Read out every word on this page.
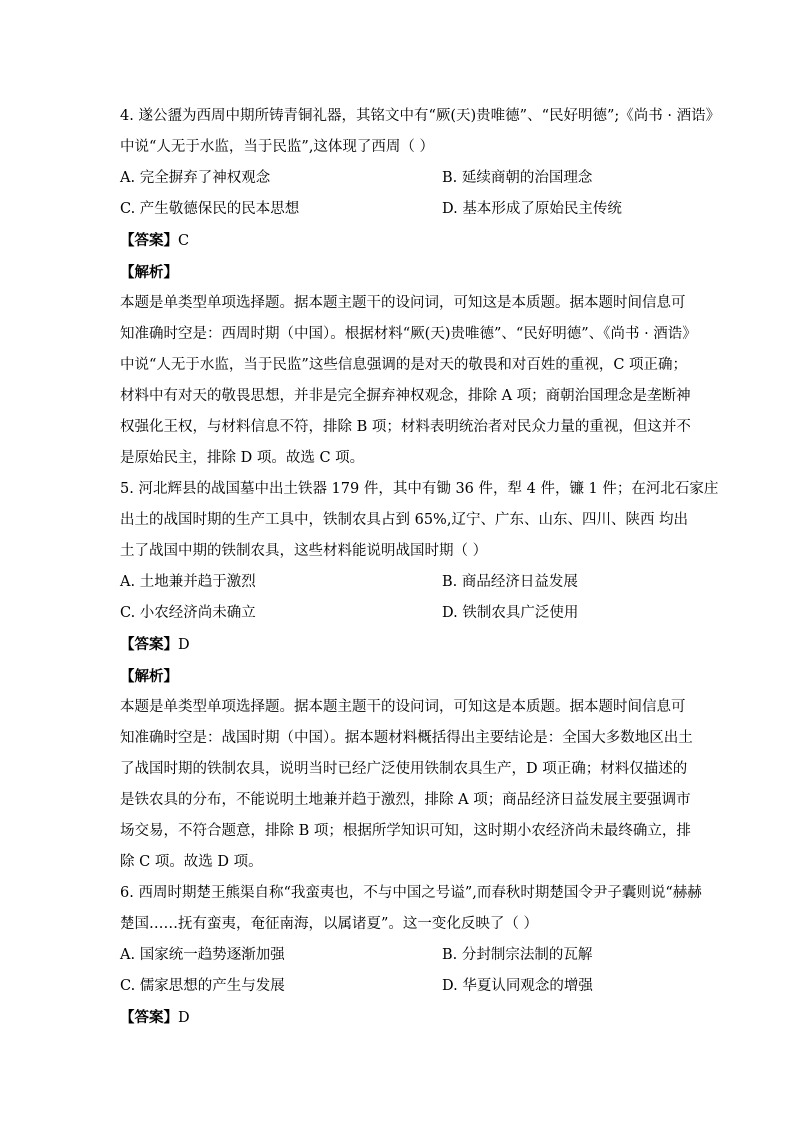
4. 遂公盨为西周中期所铸青铜礼器，其铭文中有“厥(天)贵唯德”、“民好明德”;《尚书 · 酒诰》
中说“人无于水监，当于民监”,这体现了西周（ ）
A. 完全摒弃了神权观念	B. 延续商朝的治国理念
C. 产生敬德保民的民本思想	D. 基本形成了原始民主传统
【答案】C
【解析】
本题是单类型单项选择题。据本题主题干的设问词，可知这是本质题。据本题时间信息可
知准确时空是：西周时期（中国）。根据材料“厥(天)贵唯德”、“民好明德”、《尚书 · 酒诰》
中说“人无于水监，当于民监”这些信息强调的是对天的敬畏和对百姓的重视，C 项正确；
材料中有对天的敬畏思想，并非是完全摒弃神权观念，排除 A 项；商朝治国理念是垄断神
权强化王权，与材料信息不符，排除 B 项；材料表明统治者对民众力量的重视，但这并不
是原始民主，排除 D 项。故选 C 项。
5. 河北辉县的战国墓中出土铁器 179 件，其中有锄 36 件，犁 4 件，镰 1 件；在河北石家庄
出土的战国时期的生产工具中，铁制农具占到 65%,辽宁、广东、山东、四川、陕西 均出
土了战国中期的铁制农具，这些材料能说明战国时期（ ）
A. 土地兼并趋于激烈	B. 商品经济日益发展
C. 小农经济尚未确立	D. 铁制农具广泛使用
【答案】D
【解析】
本题是单类型单项选择题。据本题主题干的设问词，可知这是本质题。据本题时间信息可
知准确时空是：战国时期（中国）。据本题材料概括得出主要结论是：全国大多数地区出土
了战国时期的铁制农具，说明当时已经广泛使用铁制农具生产，D 项正确；材料仅描述的
是铁农具的分布，不能说明土地兼并趋于激烈，排除 A 项；商品经济日益发展主要强调市
场交易，不符合题意，排除 B 项；根据所学知识可知，这时期小农经济尚未最终确立，排
除 C 项。故选 D 项。
6. 西周时期楚王熊渠自称“我蛮夷也，不与中国之号谥”,而春秋时期楚国令尹子囊则说“赫赫
楚国……抚有蛮夷，奄征南海，以属诸夏”。这一变化反映了（ ）
A. 国家统一趋势逐渐加强	B. 分封制宗法制的瓦解
C. 儒家思想的产生与发展	D. 华夏认同观念的增强
【答案】D
